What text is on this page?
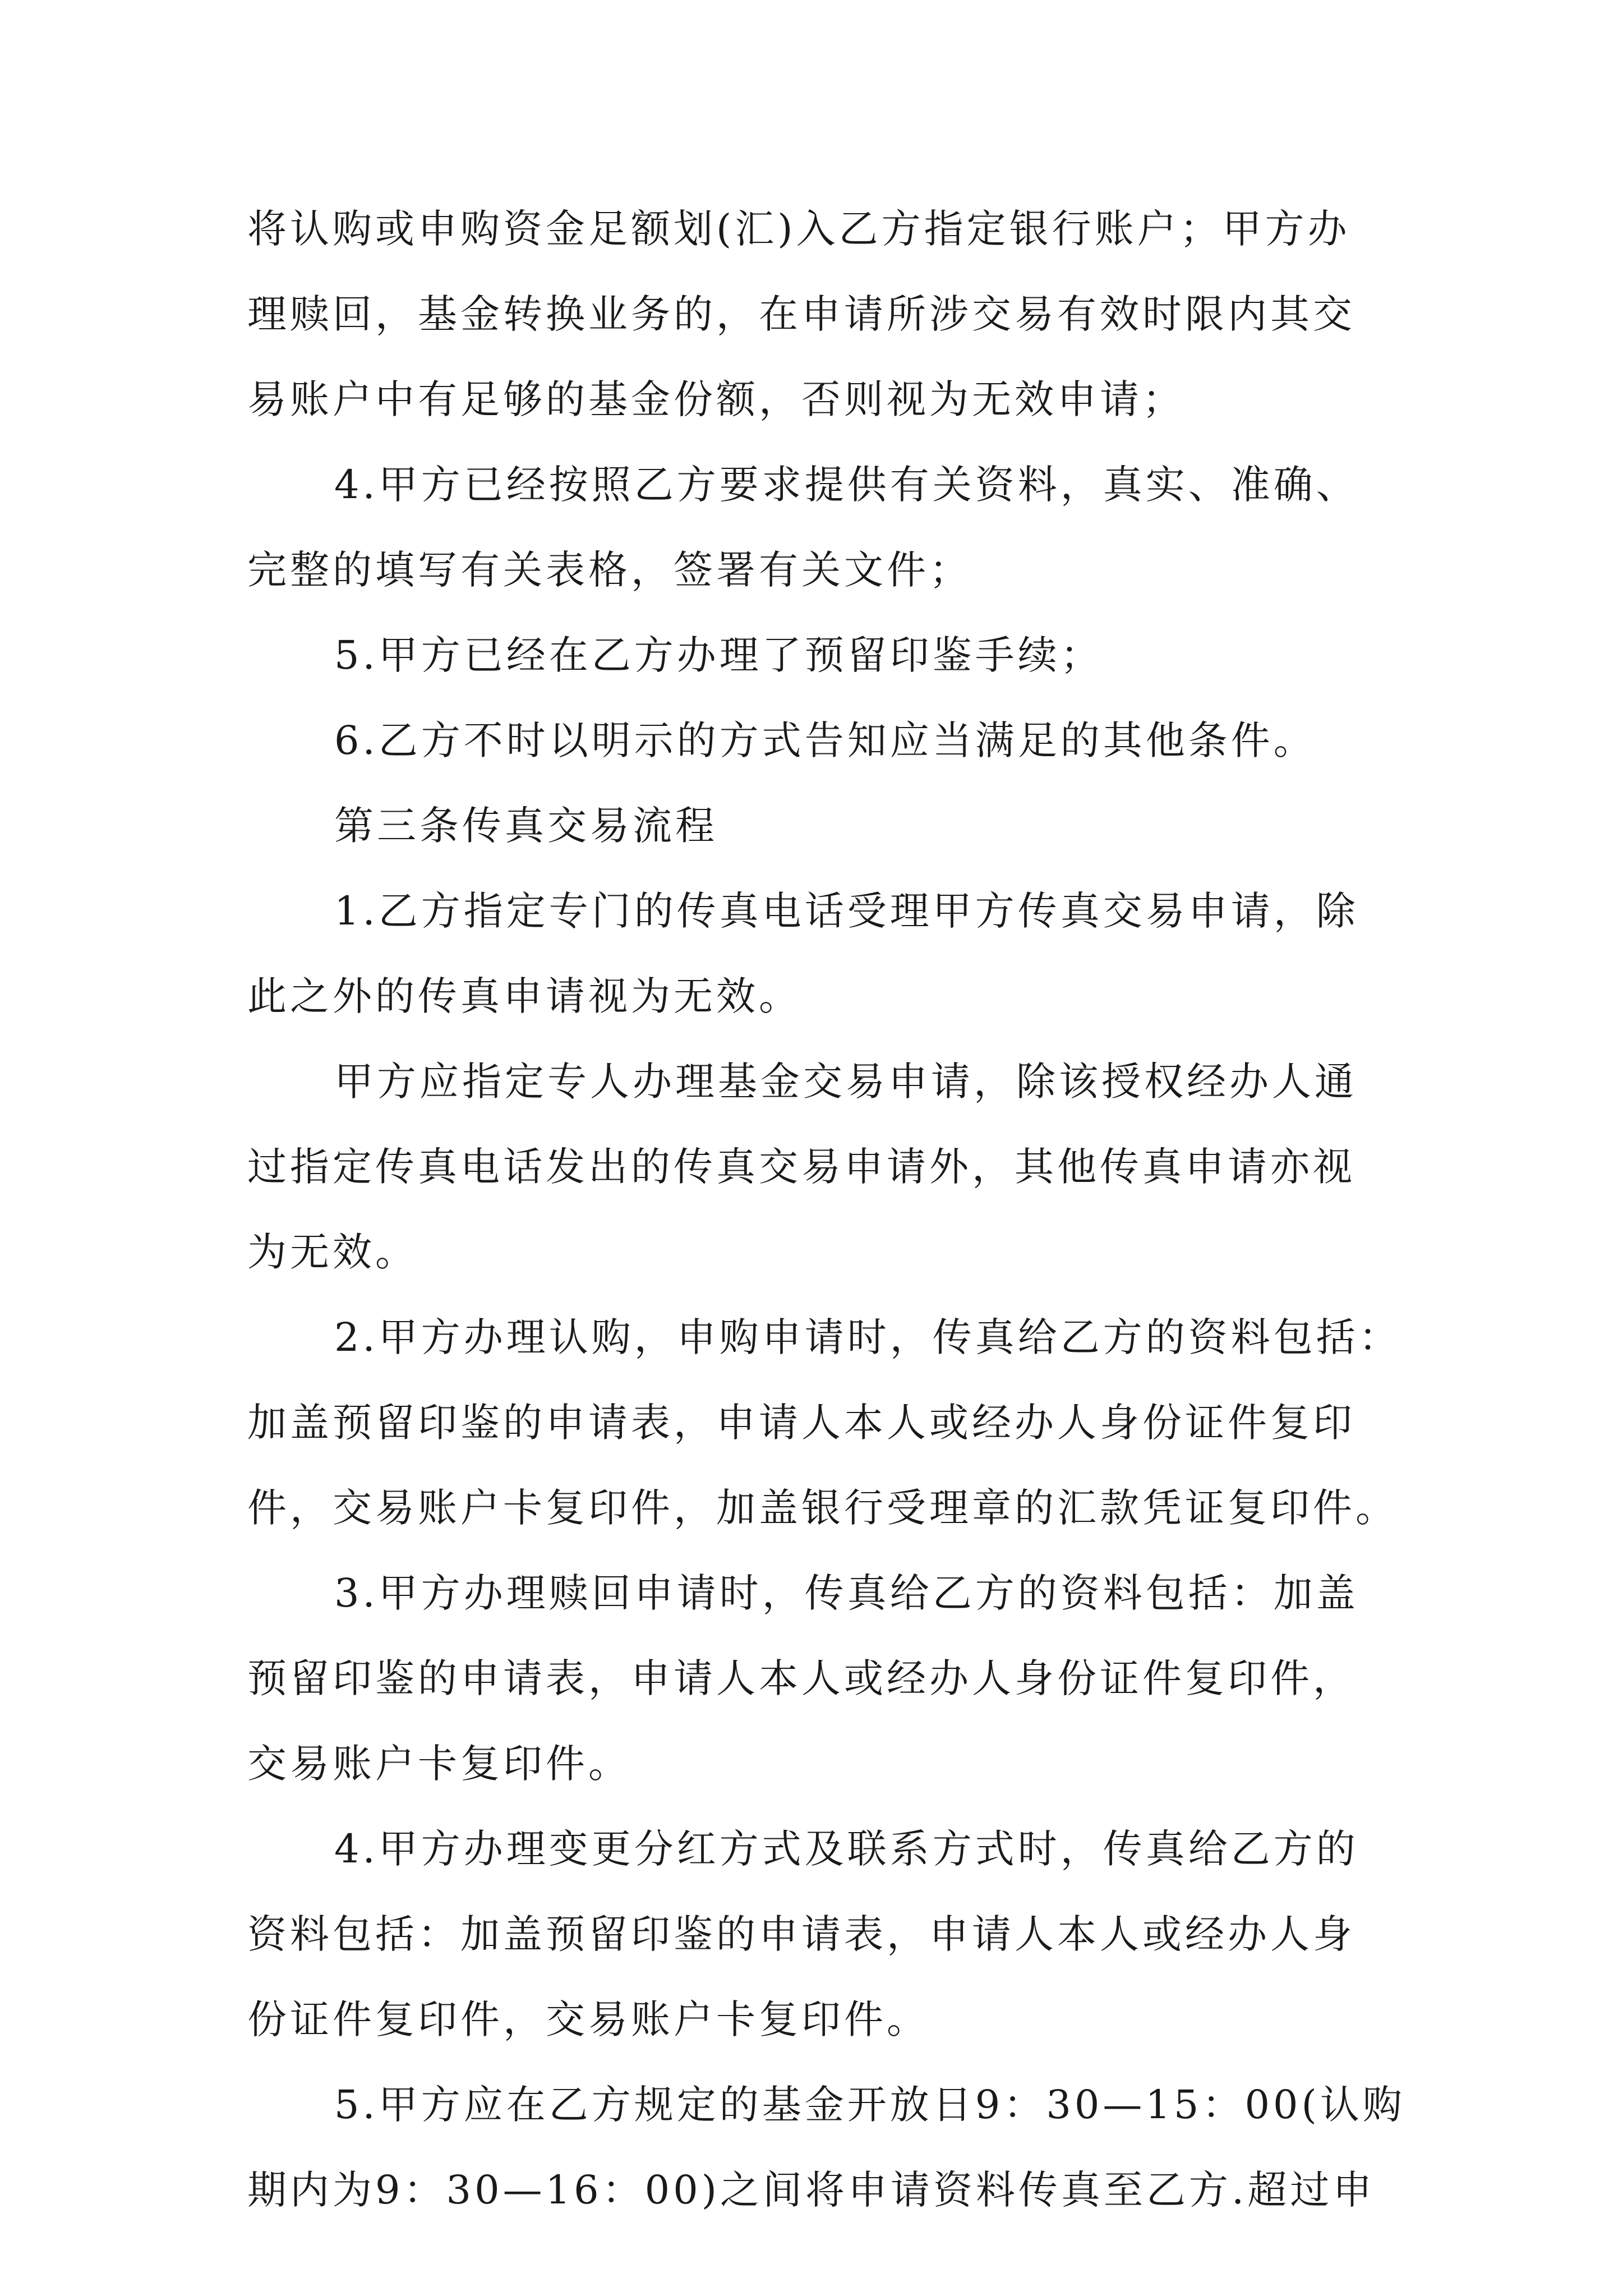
将认购或申购资金足额划(汇)入乙方指定银行账户；甲方办
理赎回，基金转换业务的，在申请所涉交易有效时限内其交
易账户中有足够的基金份额，否则视为无效申请；
4.甲方已经按照乙方要求提供有关资料，真实、准确、
完整的填写有关表格，签署有关文件；
5.甲方已经在乙方办理了预留印鉴手续；
6.乙方不时以明示的方式告知应当满足的其他条件。
第三条传真交易流程
1.乙方指定专门的传真电话受理甲方传真交易申请，除
此之外的传真申请视为无效。
甲方应指定专人办理基金交易申请，除该授权经办人通
过指定传真电话发出的传真交易申请外，其他传真申请亦视
为无效。
2.甲方办理认购，申购申请时，传真给乙方的资料包括：
加盖预留印鉴的申请表，申请人本人或经办人身份证件复印
件，交易账户卡复印件，加盖银行受理章的汇款凭证复印件。
3.甲方办理赎回申请时，传真给乙方的资料包括：加盖
预留印鉴的申请表，申请人本人或经办人身份证件复印件，
交易账户卡复印件。
4.甲方办理变更分红方式及联系方式时，传真给乙方的
资料包括：加盖预留印鉴的申请表，申请人本人或经办人身
份证件复印件，交易账户卡复印件。
5.甲方应在乙方规定的基金开放日9：30—15：00(认购
期内为9：30—16：00)之间将申请资料传真至乙方.超过申
